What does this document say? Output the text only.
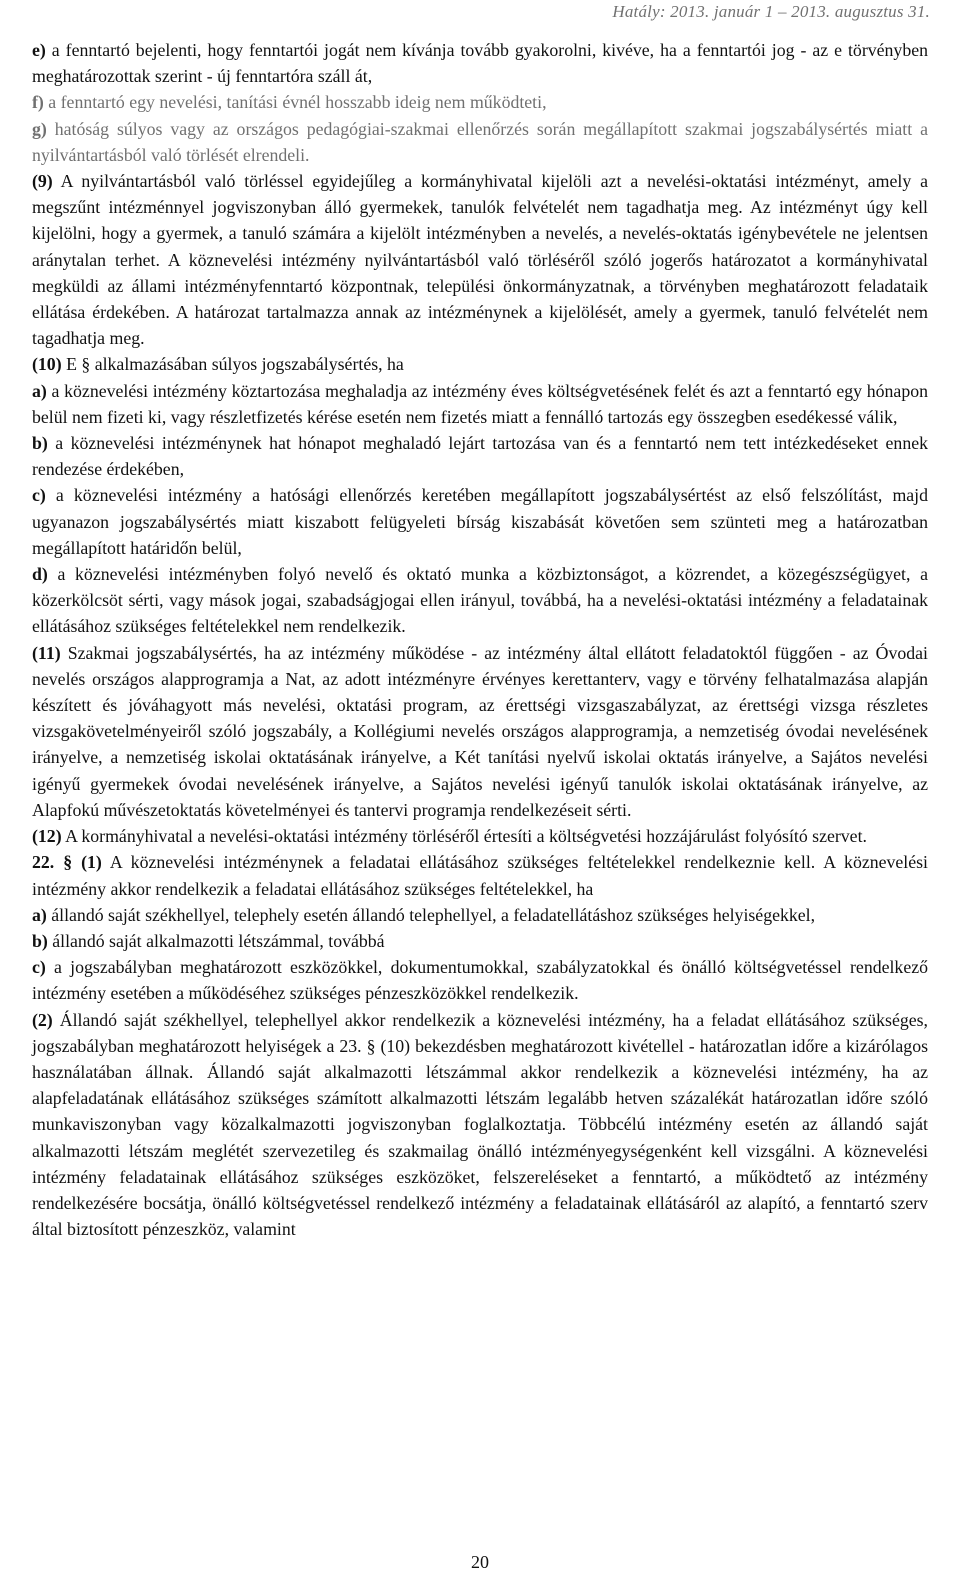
Hatály: 2013. január 1 – 2013. augusztus 31.

e) a fenntartó bejelenti, hogy fenntartói jogát nem kívánja tovább gyakorolni, kivéve, ha a fenntartói jog - az e törvényben meghatározottak szerint - új fenntartóra száll át,

f) a fenntartó egy nevelési, tanítási évnél hosszabb ideig nem működteti,

g) hatóság súlyos vagy az országos pedagógiai-szakmai ellenőrzés során megállapított szakmai jogszabálysértés miatt a nyilvántartásból való törlését elrendeli.

(9) A nyilvántartásból való törléssel egyidejűleg a kormányhivatal kijelöli azt a nevelési-oktatási intézményt, amely a megszűnt intézménnyel jogviszonyban álló gyermekek, tanulók felvételét nem tagadhatja meg. Az intézményt úgy kell kijelölni, hogy a gyermek, a tanuló számára a kijelölt intézményben a nevelés, a nevelés-oktatás igénybevétele ne jelentsen aránytalan terhet. A köznevelési intézmény nyilvántartásból való törléséről szóló jogerős határozatot a kormányhivatal megküldi az állami intézményfenntartó központnak, települési önkormányzatnak, a törvényben meghatározott feladataik ellátása érdekében. A határozat tartalmazza annak az intézménynek a kijelölését, amely a gyermek, tanuló felvételét nem tagadhatja meg.

(10) E § alkalmazásában súlyos jogszabálysértés, ha

a) a köznevelési intézmény köztartozása meghaladja az intézmény éves költségvetésének felét és azt a fenntartó egy hónapon belül nem fizeti ki, vagy részletfizetés kérése esetén nem fizetés miatt a fennálló tartozás egy összegben esedékessé válik,

b) a köznevelési intézménynek hat hónapot meghaladó lejárt tartozása van és a fenntartó nem tett intézkedéseket ennek rendezése érdekében,

c) a köznevelési intézmény a hatósági ellenőrzés keretében megállapított jogszabálysértést az első felszólítást, majd ugyanazon jogszabálysértés miatt kiszabott felügyeleti bírság kiszabását követően sem szünteti meg a határozatban megállapított határidőn belül,

d) a köznevelési intézményben folyó nevelő és oktató munka a közbiztonságot, a közrendet, a közegészségügyet, a közerkölcsöt sérti, vagy mások jogai, szabadságjogai ellen irányul, továbbá, ha a nevelési-oktatási intézmény a feladatainak ellátásához szükséges feltételekkel nem rendelkezik.

(11) Szakmai jogszabálysértés, ha az intézmény működése - az intézmény által ellátott feladatoktól függően - az Óvodai nevelés országos alapprogramja a Nat, az adott intézményre érvényes kerettanterv, vagy e törvény felhatalmazása alapján készített és jóváhagyott más nevelési, oktatási program, az érettségi vizsgaszabályzat, az érettségi vizsga részletes vizsgakövetelményeiről szóló jogszabály, a Kollégiumi nevelés országos alapprogramja, a nemzetiség óvodai nevelésének irányelve, a nemzetiség iskolai oktatásának irányelve, a Két tanítási nyelvű iskolai oktatás irányelve, a Sajátos nevelési igényű gyermekek óvodai nevelésének irányelve, a Sajátos nevelési igényű tanulók iskolai oktatásának irányelve, az Alapfokú művészetoktatás követelményei és tantervi programja rendelkezéseit sérti.

(12) A kormányhivatal a nevelési-oktatási intézmény törléséről értesíti a költségvetési hozzájárulást folyósító szervet.

22. § (1) A köznevelési intézménynek a feladatai ellátásához szükséges feltételekkel rendelkeznie kell. A köznevelési intézmény akkor rendelkezik a feladatai ellátásához szükséges feltételekkel, ha

a) állandó saját székhellyel, telephely esetén állandó telephellyel, a feladatellátáshoz szükséges helyiségekkel,

b) állandó saját alkalmazotti létszámmal, továbbá

c) a jogszabályban meghatározott eszközökkel, dokumentumokkal, szabályzatokkal és önálló költségvetéssel rendelkező intézmény esetében a működéséhez szükséges pénzeszközökkel rendelkezik.

(2) Állandó saját székhellyel, telephellyel akkor rendelkezik a köznevelési intézmény, ha a feladat ellátásához szükséges, jogszabályban meghatározott helyiségek a 23. § (10) bekezdésben meghatározott kivétellel - határozatlan időre a kizárólagos használatában állnak. Állandó saját alkalmazotti létszámmal akkor rendelkezik a köznevelési intézmény, ha az alapfeladatának ellátásához szükséges számított alkalmazotti létszám legalább hetven százalékát határozatlan időre szóló munkaviszonyban vagy közalkalmazotti jogviszonyban foglalkoztatja. Többcélú intézmény esetén az állandó saját alkalmazotti létszám meglétét szervezetileg és szakmailag önálló intézményegységenként kell vizsgálni. A köznevelési intézmény feladatainak ellátásához szükséges eszközöket, felszereléseket a fenntartó, a működtető az intézmény rendelkezésére bocsátja, önálló költségvetéssel rendelkező intézmény a feladatainak ellátásáról az alapító, a fenntartó szerv által biztosított pénzeszköz, valamint

20
